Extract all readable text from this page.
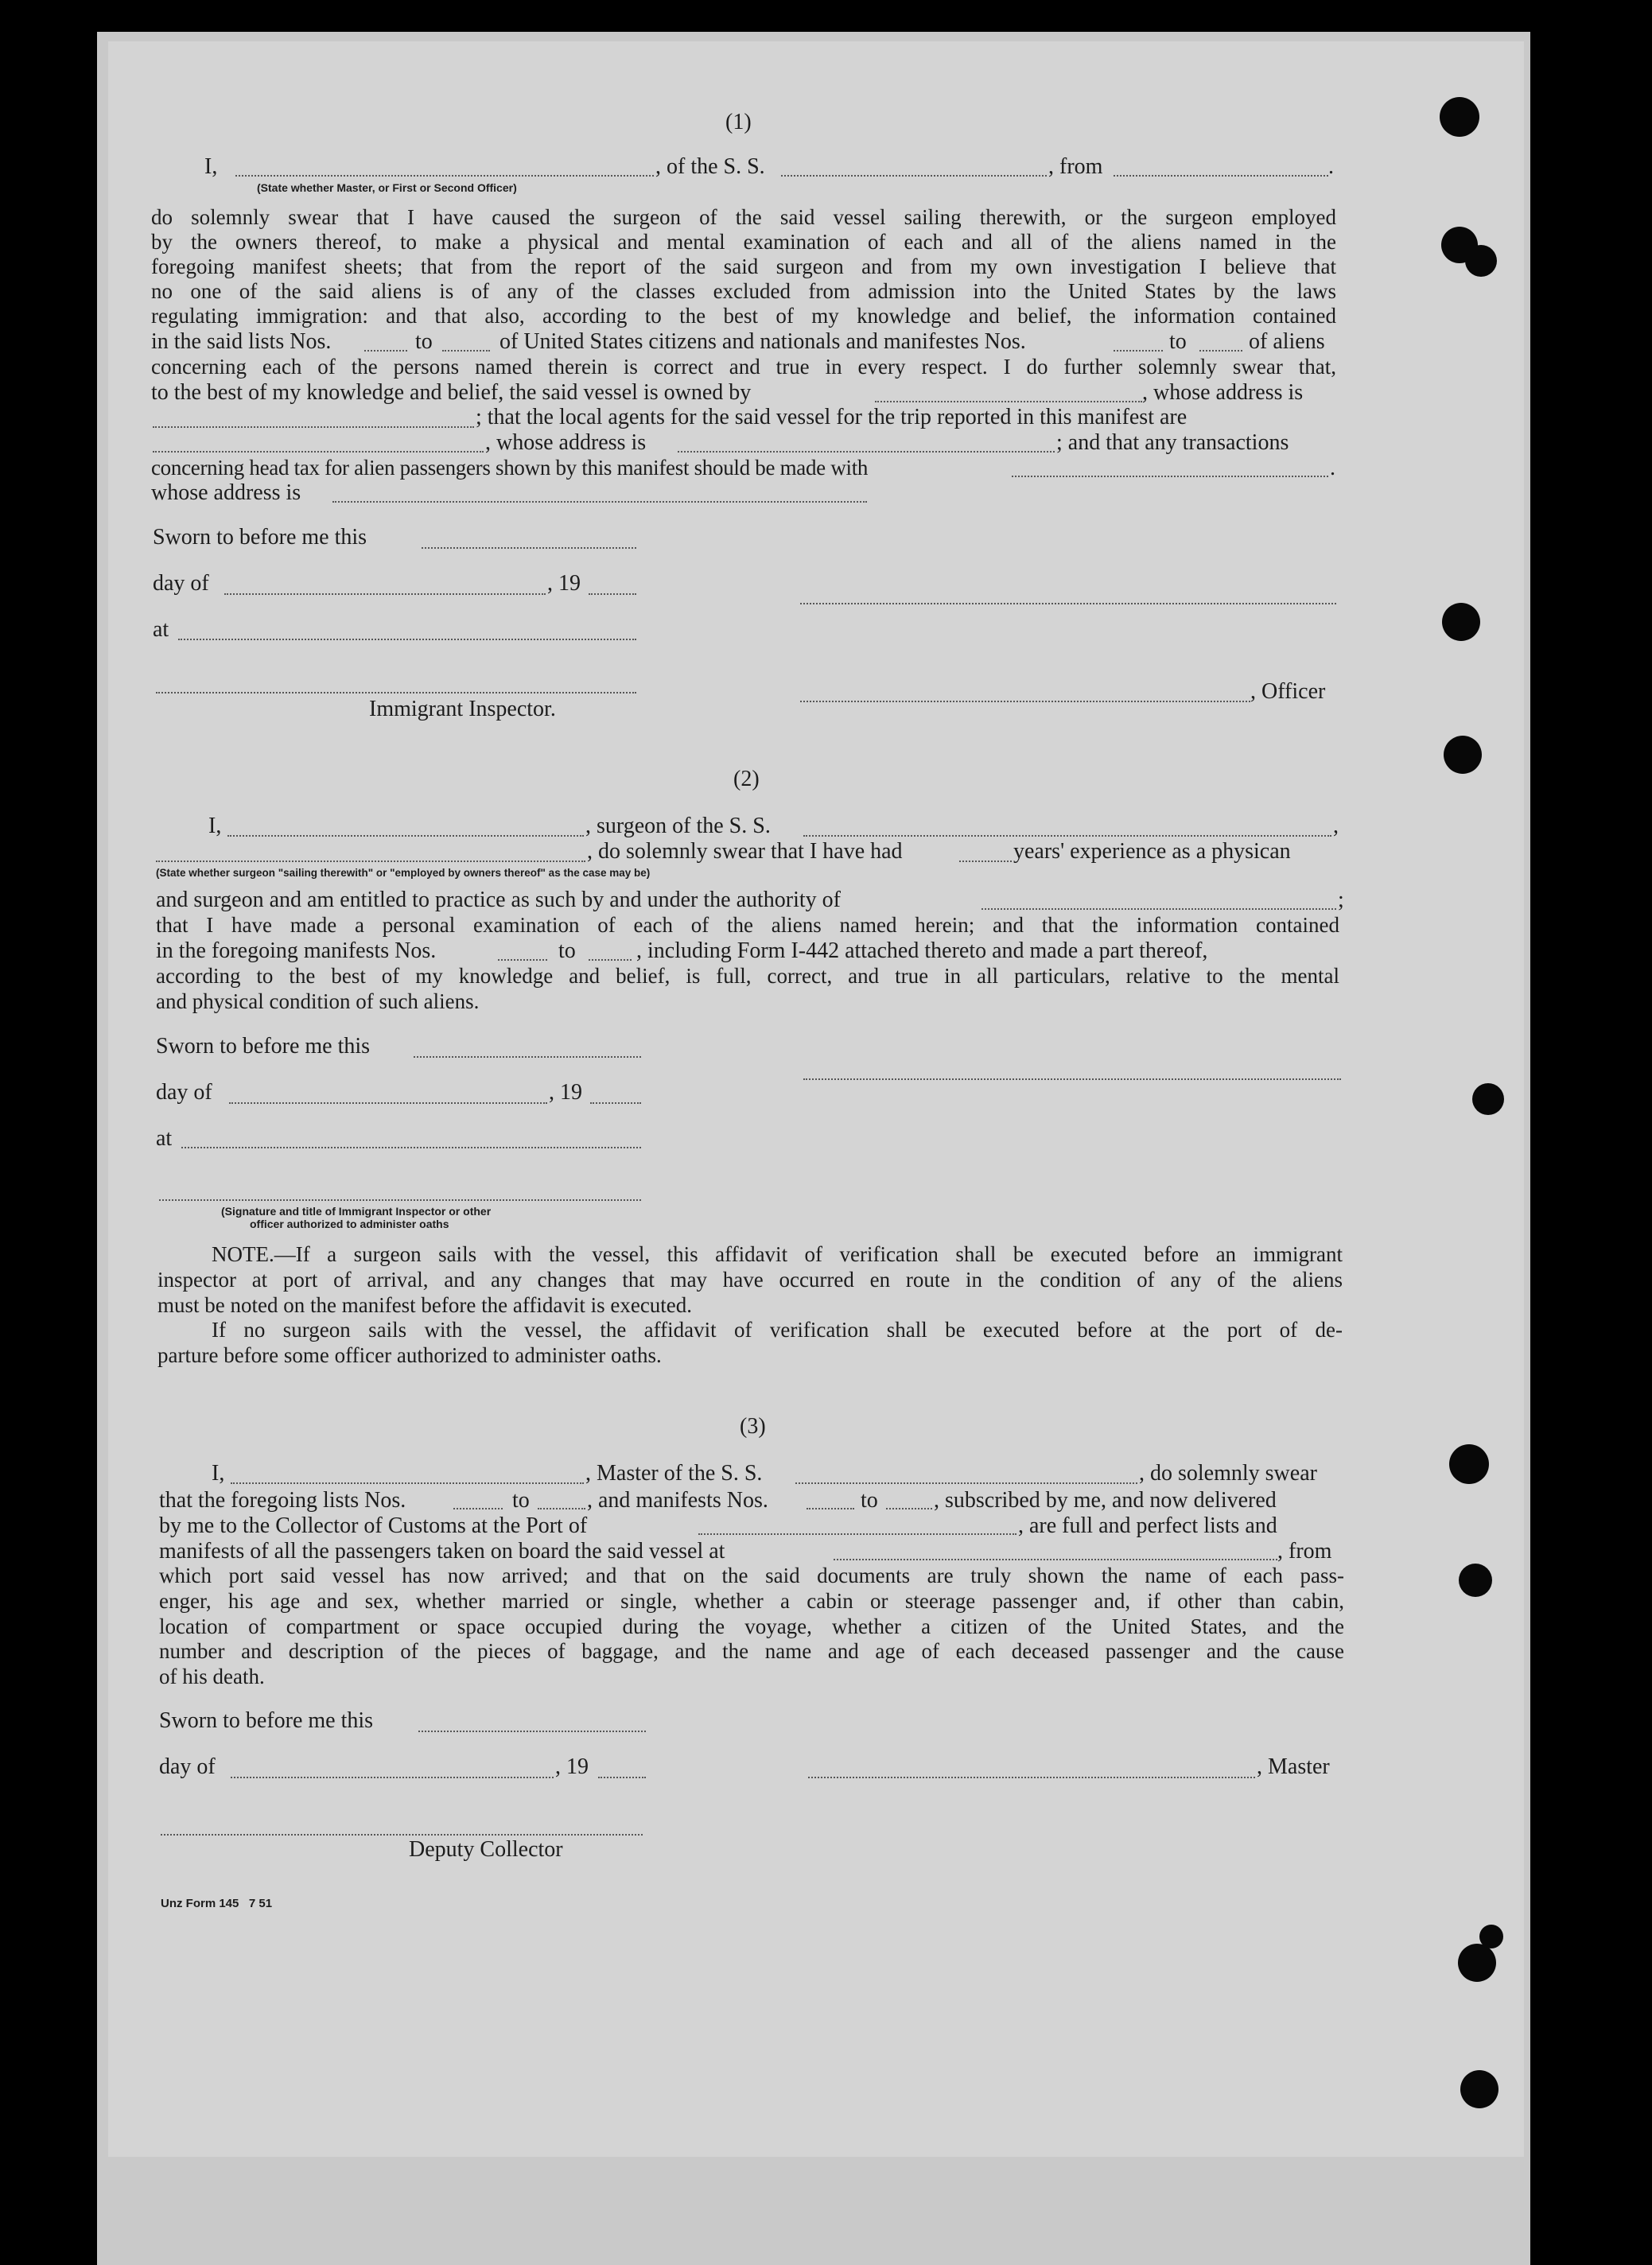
(1)
I,	, of the S. S.	, from	.
(State whether Master, or First or Second Officer)
do solemnly swear that I have caused the surgeon of the said vessel sailing therewith, or the surgeon employed
by the owners thereof, to make a physical and mental examination of each and all of the aliens named in the
foregoing manifest sheets; that from the report of the said surgeon and from my own investigation I believe that
no one of the said aliens is of any of the classes excluded from admission into the United States by the laws
regulating immigration: and that also, according to the best of my knowledge and belief, the information contained
in the said lists Nos.	to	of United States citizens and nationals and manifestes Nos.	to	of aliens
concerning each of the persons named therein is correct and true in every respect. I do further solemnly swear that,
to the best of my knowledge and belief, the said vessel is owned by	, whose address is
; that the local agents for the said vessel for the trip reported in this manifest are
, whose address is	; and that any transactions
concerning head tax for alien passengers shown by this manifest should be made with	.
whose address is
Sworn to before me this
day of	, 19
at
Immigrant Inspector.
, Officer
(2)
I,	, surgeon of the S. S.	,
, do solemnly swear that I have had	years' experience as a physican
(State whether surgeon "sailing therewith" or "employed by owners thereof" as the case may be)
and surgeon and am entitled to practice as such by and under the authority of	;
that I have made a personal examination of each of the aliens named herein; and that the information contained
in the foregoing manifests Nos.	to	, including Form I-442 attached thereto and made a part thereof,
according to the best of my knowledge and belief, is full, correct, and true in all particulars, relative to the mental
and physical condition of such aliens.
Sworn to before me this
day of	, 19
at
(Signature and title of Immigrant Inspector or other
officer authorized to administer oaths
NOTE.—If a surgeon sails with the vessel, this affidavit of verification shall be executed before an immigrant
inspector at port of arrival, and any changes that may have occurred en route in the condition of any of the aliens
must be noted on the manifest before the affidavit is executed.
If no surgeon sails with the vessel, the affidavit of verification shall be executed before at the port of de-
parture before some officer authorized to administer oaths.
(3)
I,	, Master of the S. S.	, do solemnly swear
that the foregoing lists Nos.	to	, and manifests Nos.	to	, subscribed by me, and now delivered
by me to the Collector of Customs at the Port of	, are full and perfect lists and
manifests of all the passengers taken on board the said vessel at	, from
which port said vessel has now arrived; and that on the said documents are truly shown the name of each pass-
enger, his age and sex, whether married or single, whether a cabin or steerage passenger and, if other than cabin,
location of compartment or space occupied during the voyage, whether a citizen of the United States, and the
number and description of the pieces of baggage, and the name and age of each deceased passenger and the cause
of his death.
Sworn to before me this
day of	, 19	, Master
Deputy Collector
Unz Form 145   7 51
